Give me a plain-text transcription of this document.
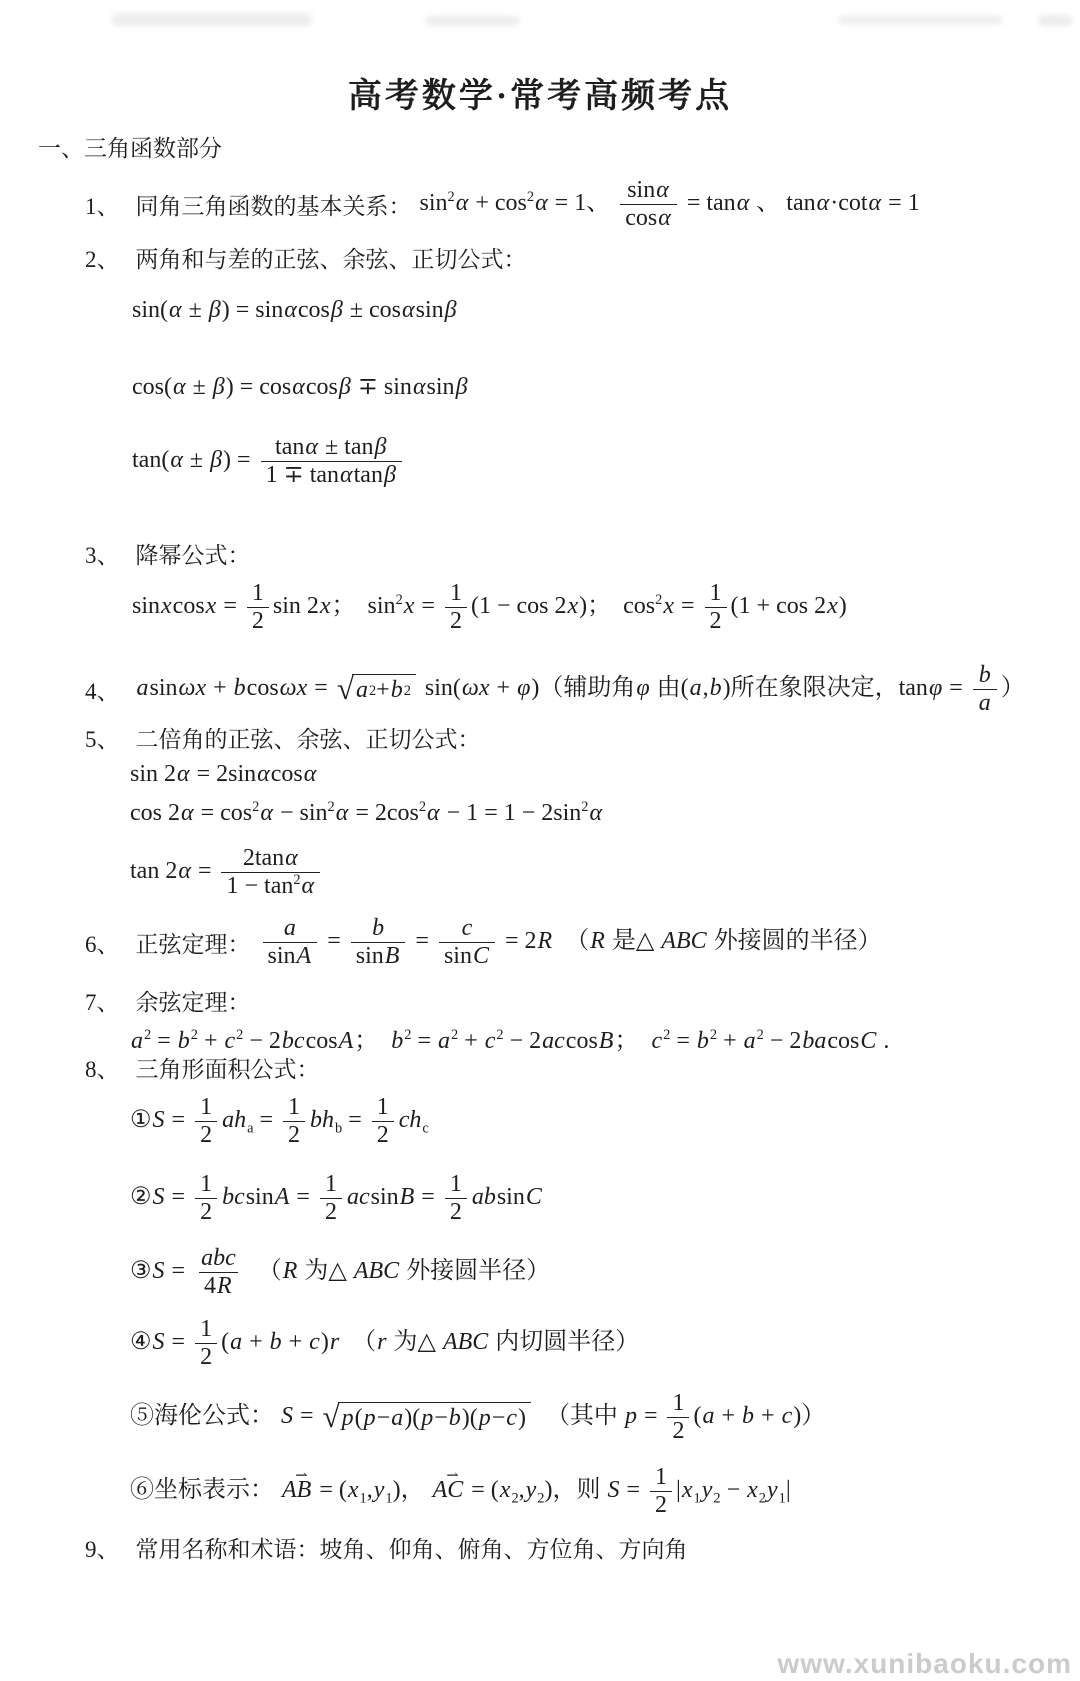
高考数学·常考高频考点
一、三角函数部分
1、 同角三角函数的基本关系： $\sin^2\alpha + \cos^2\alpha = 1$、 $\frac{\sin\alpha}{\cos\alpha} = \tan\alpha$ 、 tanα·cotα = 1
2、 两角和与差的正弦、余弦、正切公式：
sin(α ± β) = sinαcosβ ± cosαsinβ
cos(α ± β) = cosαcosβ ∓ sinαsinβ
$\tan(\alpha \pm \beta) = \frac{\tan\alpha \pm \tan\beta}{1 \mp \tan\alpha\tan\beta}$
3、 降幂公式：
sinxcosx = $\frac{1}{2}$ sin 2x；  $\sin^2x = \frac{1}{2} (1 - \cos 2x)$；  $\cos^2x = \frac{1}{2} (1 + \cos 2x)$
4、 asinωx + bcosωx = √ a 2 + b 2 sin(ωx + φ)（辅助角φ 由(a,b)所在象限决定，$\tan\varphi = \frac{b}{a}$ ）
5、 二倍角的正弦、余弦、正切公式：
sin 2α = 2sinαcosα
$\cos 2\alpha = \cos^2\alpha - \sin^2\alpha = 2\cos^2\alpha - 1 = 1 - 2\sin^2\alpha$
$\tan 2\alpha = \frac{2\tan\alpha}{1 - \tan^2\alpha}$
6、 正弦定理： $\frac{a}{\sin A} = \frac{b}{\sin B} = \frac{c}{\sin C} = 2R$  （R 是△ ABC 外接圆的半径）
7、 余弦定理：
$a^2 = b^2 + c^2 - 2bccosA$；  $b^2 = a^2 + c^2 - 2accosB$；  $c^2 = b^2 + a^2 - 2bacosC$ .
8、 三角形面积公式：
①S = $\frac{1}{2} ah_a = \frac{1}{2} bh_b = \frac{1}{2} ch_c$
②S = $\frac{1}{2}$ $bcsinA = \frac{1}{2}$ $acsinB = \frac{1}{2}$ absinC
③S = abc
4R
（R 为△ ABC 外接圆半径）
④S = $\frac{1}{2} (a + b + c)r$  （r 为△ ABC 内切圆半径）
⑤海伦公式： S = √ p ( p − a )( p − b )( p − c ) （其中 $p = \frac{1}{2} (a + b + c)$）
⑥坐标表示： AB ⇀ = $(x_1,y_1)$， AC ⇀ = $(x_2,y_2)$，则 $S = \frac{1}{2} |x_1y_2 - x_2y_1|$
9、 常用名称和术语：坡角、仰角、俯角、方位角、方向角
www.xunibaoku.com
